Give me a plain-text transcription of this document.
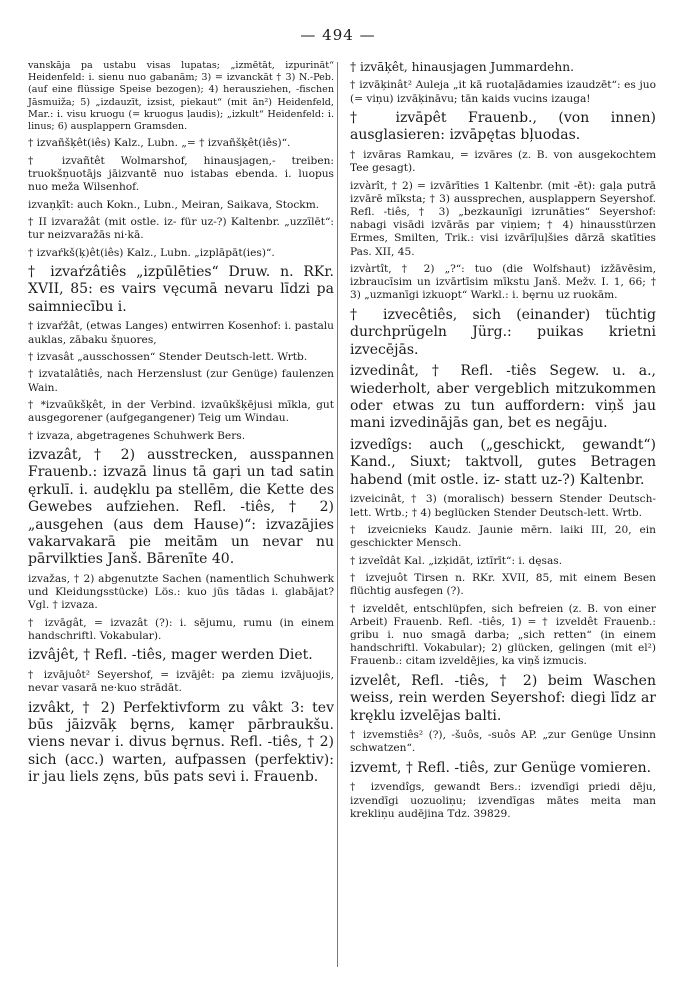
— 494 —

vanskāja pa ustabu visas lupatas; „izmētāt, izpurināt“ Heidenfeld: i. sienu nuo gabanām; 3) = izvanckāt † 3) N.-Peb. (auf eine flüssige Speise bezogen); 4) herausziehen, -fischen Jāsmuiža; 5) „izdauzīt, izsist, piekaut“ (mit ān²) Heidenfeld, Mar.: i. visu kruogu (= kruogus ļaudis); „izkult“ Heidenfeld: i. linus; 6) ausplappern Gramsden.

† izvañšķêt(iês) Kalz., Lubn. „= † izvañšķêt(iês)“.

† izvañtêt Wolmarshof, hinausjagen,- treiben: truokšņuotājs jāizvantē nuo istabas ebenda. i. luopus nuo meža Wilsenhof.

izvaņķīt: auch Kokn., Lubn., Meiran, Saikava, Stockm.

† II izvaražât (mit ostle. iz- für uz-?) Kaltenbr. „uzzīlēt“: tur neizvaražās ni·kā.

† izvaŕkš(ķ)êt(iês) Kalz., Lubn. „izplāpāt(ies)“.

† izvaŕzâtiês „izpūlēties“ Druw. n. RKr. XVII, 85: es vairs vęcumā nevaru līdzi pa saimniecību i.

† izvaŕžât, (etwas Langes) entwirren Kosenhof: i. pastalu auklas, zābaku šņuores,

† izvasât „ausschossen“ Stender Deutsch-lett. Wrtb.

† izvatalâtiês, nach Herzenslust (zur Genüge) faulenzen Wain.

† *izvaūkšķêt, in der Verbind. izvaūkšķējusi mīkla, gut ausgegorener (aufgegangener) Teig um Windau.

† izvaza, abgetragenes Schuhwerk Bers.

izvazât, † 2) ausstrecken, ausspannen Frauenb.: izvazā linus tā gaŗi un tad satin ęrkulī. i. audęklu pa stellēm, die Kette des Gewebes aufziehen. Refl. -tiês, † 2) „ausgehen (aus dem Hause)“: izvazājies vakarvakarā pie meitām un nevar nu pārvilkties Janš. Bārenīte 40.

izvažas, † 2) abgenutzte Sachen (namentlich Schuhwerk und Kleidungsstücke) Lös.: kuo jūs tādas i. glabājat? Vgl. † izvaza.

† izvāgât, = izvazât (?): i. sējumu, rumu (in einem handschriftl. Vokabular).

izvâjêt, † Refl. -tiês, mager werden Diet.

† izvājuôt² Seyershof, = izvājêt: pa ziemu izvājuojis, nevar vasarā ne·kuo strādāt.

izvâkt, † 2) Perfektivform zu vâkt 3: tev būs jāizvāķ bęrns, kamęr pārbraukšu. viens nevar i. divus bęrnus. Refl. -tiês, † 2) sich (acc.) warten, aufpassen (perfektiv): ir jau liels zęns, būs pats sevi i. Frauenb.

† izvāķêt, hinausjagen Jummardehn.

† izvāķinât² Auleja „it kā ruotaļādamies izaudzēt“: es juo (= viņu) izvāķināvu; tān kaids vucins izauga!

† izvāpêt Frauenb., (von innen) ausglasieren: izvāpętas bļuodas.

† izvāras Ramkau, = izvāres (z. B. von ausgekochtem Tee gesagt).

izvàrît, † 2) = izvārīties 1 Kaltenbr. (mit -ēt): gaļa putrā izvārē mīksta; † 3) aussprechen, ausplappern Seyershof. Refl. -tiês, † 3) „bezkaunīgi izrunāties“ Seyershof: nabagi visādi izvārās par viņiem; † 4) hinausstürzen Ermes, Smilten, Trik.: visi izvārīļuļšies dārzā skatīties Pas. XII, 45.

izvàrtît, † 2) „?“: tuo (die Wolfshaut) izžāvēsim, izbraucīsim un izvārtīsim mīkstu Janš. Mežv. I. 1, 66; † 3) „uzmanīgi izkuopt“ Warkl.: i. bęrnu uz ruokām.

† izvecêtiês, sich (einander) tüchtig durchprügeln Jürg.: puikas krietni izvecējās.

izvedinât, † Refl. -tiês Segew. u. a., wiederholt, aber vergeblich mitzukommen oder etwas zu tun auffordern: viņš jau mani izvedinājās gan, bet es negāju.

izvedîgs: auch („geschickt, gewandt“) Kand., Siuxt; taktvoll, gutes Betragen habend (mit ostle. iz- statt uz-?) Kaltenbr.

izveicinât, † 3) (moralisch) bessern Stender Deutsch-lett. Wrtb.; † 4) beglücken Stender Deutsch-lett. Wrtb.

† izveicnieks Kaudz. Jaunie mērn. laiki III, 20, ein geschickter Mensch.

† izveîdât Kal. „izķidāt, iztīrīt“: i. dęsas.

† izvejuôt Tirsen n. RKr. XVII, 85, mit einem Besen flüchtig ausfegen (?).

† izveldêt, entschlüpfen, sich befreien (z. B. von einer Arbeit) Frauenb. Refl. -tiês, 1) = † izveldêt Frauenb.: gribu i. nuo smagā darba; „sich retten“ (in einem handschriftl. Vokabular); 2) glücken, gelingen (mit el²) Frauenb.: citam izveldējies, ka viņš izmucis.

izvelêt, Refl. -tiês, † 2) beim Waschen weiss, rein werden Seyershof: diegi līdz ar kręklu izvelējas balti.

† izvemstiês² (?), -šuôs, -suôs AP. „zur Genüge Unsinn schwatzen“.

izvemt, † Refl. -tiês, zur Genüge vomieren.

† izvendîgs, gewandt Bers.: izvendīgi priedi dēju, izvendīgi uozuoliņu; izvendīgas mātes meita man krekliņu audējina Tdz. 39829.
